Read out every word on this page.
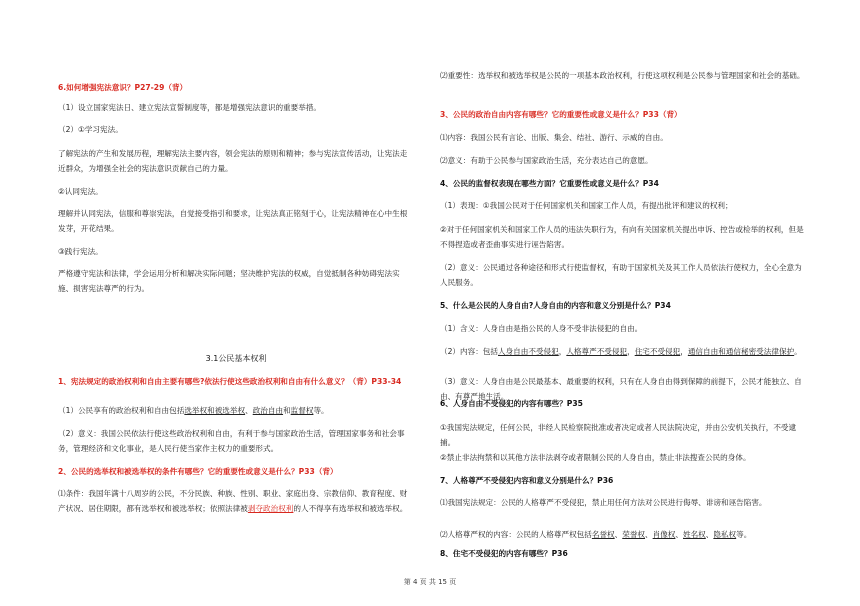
6.如何增强宪法意识？P27-29（背）

（1）设立国家宪法日、建立宪法宣誓制度等，都是增强宪法意识的重要举措。

（2）①学习宪法。

了解宪法的产生和发展历程，理解宪法主要内容，领会宪法的原则和精神；参与宪法宣传活动，让宪法走近群众，为增强全社会的宪法意识贡献自己的力量。

②认同宪法。

理解并认同宪法，信服和尊崇宪法，自觉接受指引和要求，让宪法真正铭刻于心，让宪法精神在心中生根发芽，开花结果。

③践行宪法。

严格遵守宪法和法律，学会运用分析和解决实际问题；坚决维护宪法的权威，自觉抵制各种妨碍宪法实施、损害宪法尊严的行为。

3.1公民基本权利

1、宪法规定的政治权利和自由主要有哪些?依法行使这些政治权利和自由有什么意义？（背）P33-34

（1）公民享有的政治权利和自由包括选举权和被选举权、政治自由和监督权等。

（2）意义：我国公民依法行使这些政治权利和自由，有利于参与国家政治生活，管理国家事务和社会事务，管理经济和文化事业，是人民行使当家作主权力的重要形式。

2、公民的选举权和被选举权的条件有哪些？它的重要性或意义是什么？P33（背）

⑴条件：我国年满十八周岁的公民，不分民族、种族、性别、职业、家庭出身、宗教信仰、教育程度、财产状况、居住期限，都有选举权和被选举权；依照法律被剥夺政治权利的人不得享有选举权和被选举权。

⑵重要性：选举权和被选举权是公民的一项基本政治权利，行使这项权利是公民参与管理国家和社会的基础。

3、公民的政治自由内容有哪些？它的重要性或意义是什么？P33（背）

⑴内容：我国公民有言论、出版、集会、结社、游行、示威的自由。

⑵意义：有助于公民参与国家政治生活，充分表达自己的意愿。

4、公民的监督权表现在哪些方面？它重要性或意义是什么？P34

（1）表现：①我国公民对于任何国家机关和国家工作人员，有提出批评和建议的权利；

②对于任何国家机关和国家工作人员的违法失职行为，有向有关国家机关提出申诉、控告或检举的权利，但是不得捏造或者歪曲事实进行诬告陷害。

（2）意义：公民通过各种途径和形式行使监督权，有助于国家机关及其工作人员依法行使权力，全心全意为人民服务。

5、什么是公民的人身自由?人身自由的内容和意义分别是什么？P34

（1）含义：人身自由是指公民的人身不受非法侵犯的自由。

（2）内容：包括人身自由不受侵犯，人格尊严不受侵犯，住宅不受侵犯，通信自由和通信秘密受法律保护。

（3）意义：人身自由是公民最基本、最重要的权利，只有在人身自由得到保障的前提下，公民才能独立、自由、有尊严地生活。

6、人身自由不受侵犯的内容有哪些？P35

①我国宪法规定，任何公民，非经人民检察院批准或者决定或者人民法院决定，并由公安机关执行，不受逮捕。

②禁止非法拘禁和以其他方法非法剥夺或者限制公民的人身自由，禁止非法搜查公民的身体。

7、人格尊严不受侵犯内容和意义分别是什么？P36

⑴我国宪法规定：公民的人格尊严不受侵犯，禁止用任何方法对公民进行侮辱、诽谤和诬告陷害。

⑵人格尊严权的内容：公民的人格尊严权包括名誉权、荣誉权、肖像权、姓名权、隐私权等。

8、住宅不受侵犯的内容有哪些？P36

第 4 页 共 15 页
